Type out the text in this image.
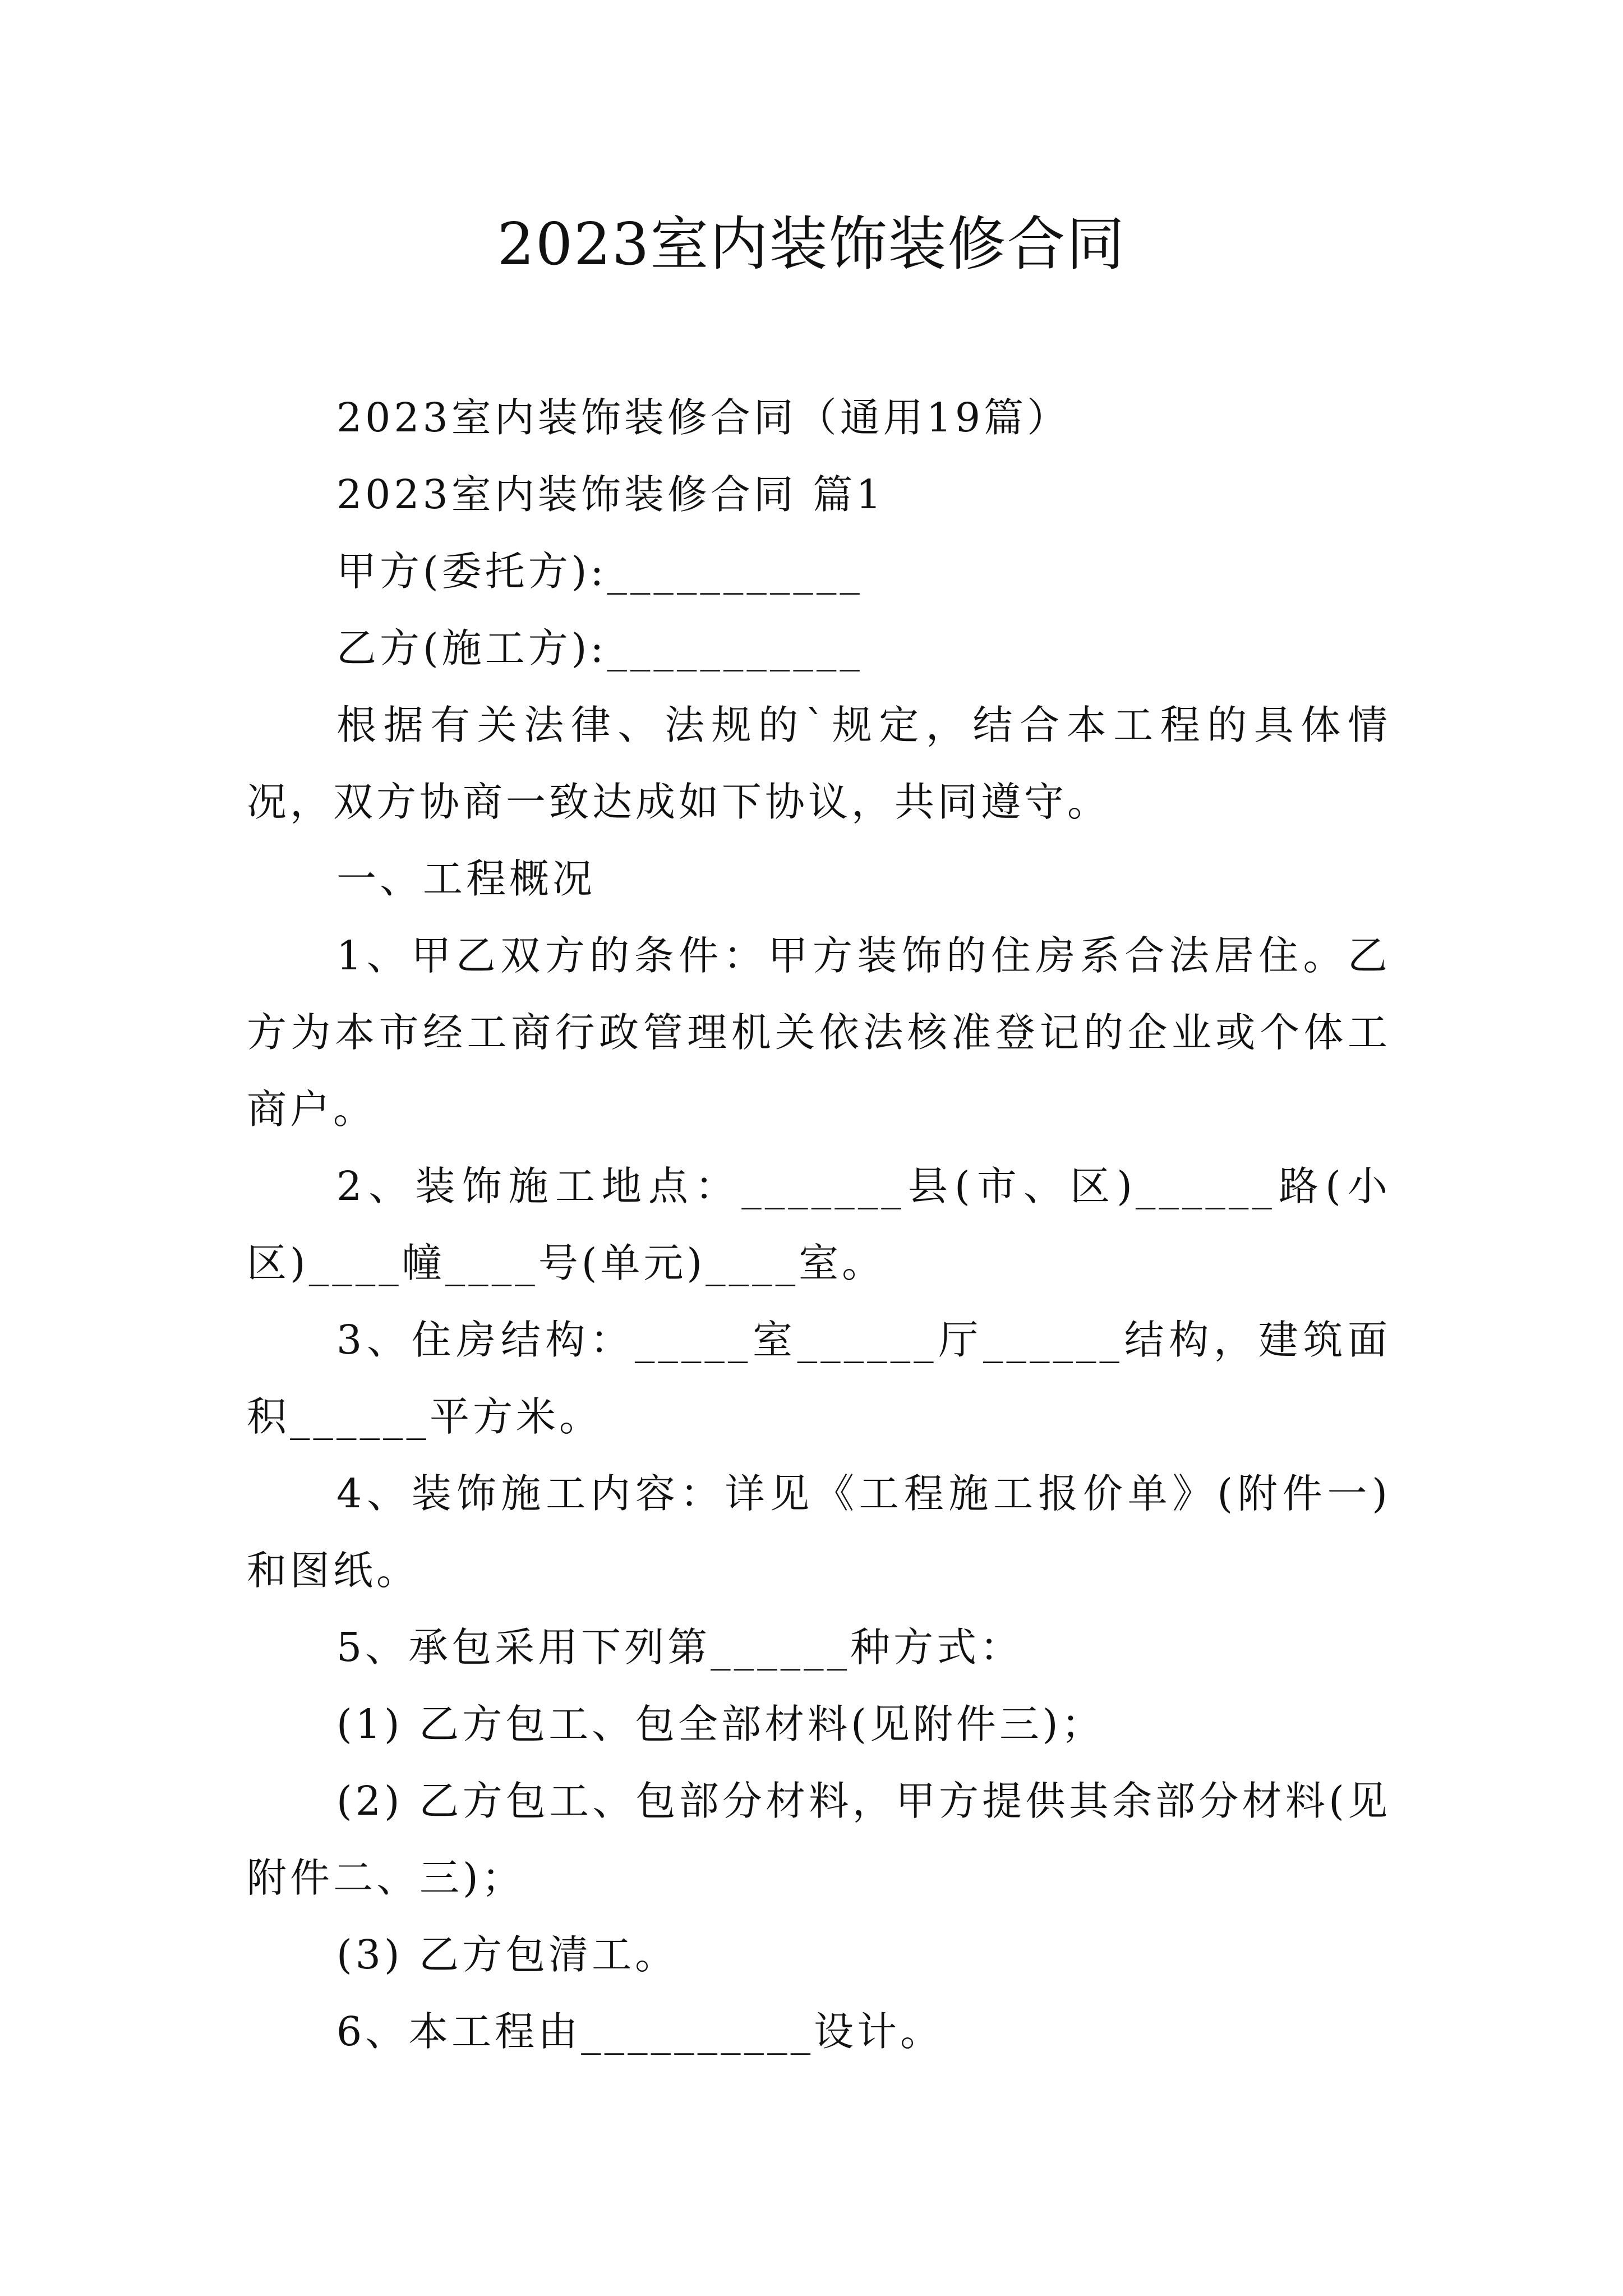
2023室内装饰装修合同

2023室内装饰装修合同（通用19篇）

2023室内装饰装修合同 篇1

甲方(委托方):___________

乙方(施工方):___________

根据有关法律、法规的`规定，结合本工程的具体情况，双方协商一致达成如下协议，共同遵守。

一、工程概况

1、甲乙双方的条件：甲方装饰的住房系合法居住。乙方为本市经工商行政管理机关依法核准登记的企业或个体工商户。

2、装饰施工地点：_______县(市、区)______路(小区)____幢____号(单元)____室。

3、住房结构：_____室______厅______结构，建筑面积______平方米。

4、装饰施工内容：详见《工程施工报价单》(附件一)和图纸。

5、承包采用下列第______种方式：

(1) 乙方包工、包全部材料(见附件三)；

(2) 乙方包工、包部分材料，甲方提供其余部分材料(见附件二、三)；

(3) 乙方包清工。

6、本工程由__________设计。
